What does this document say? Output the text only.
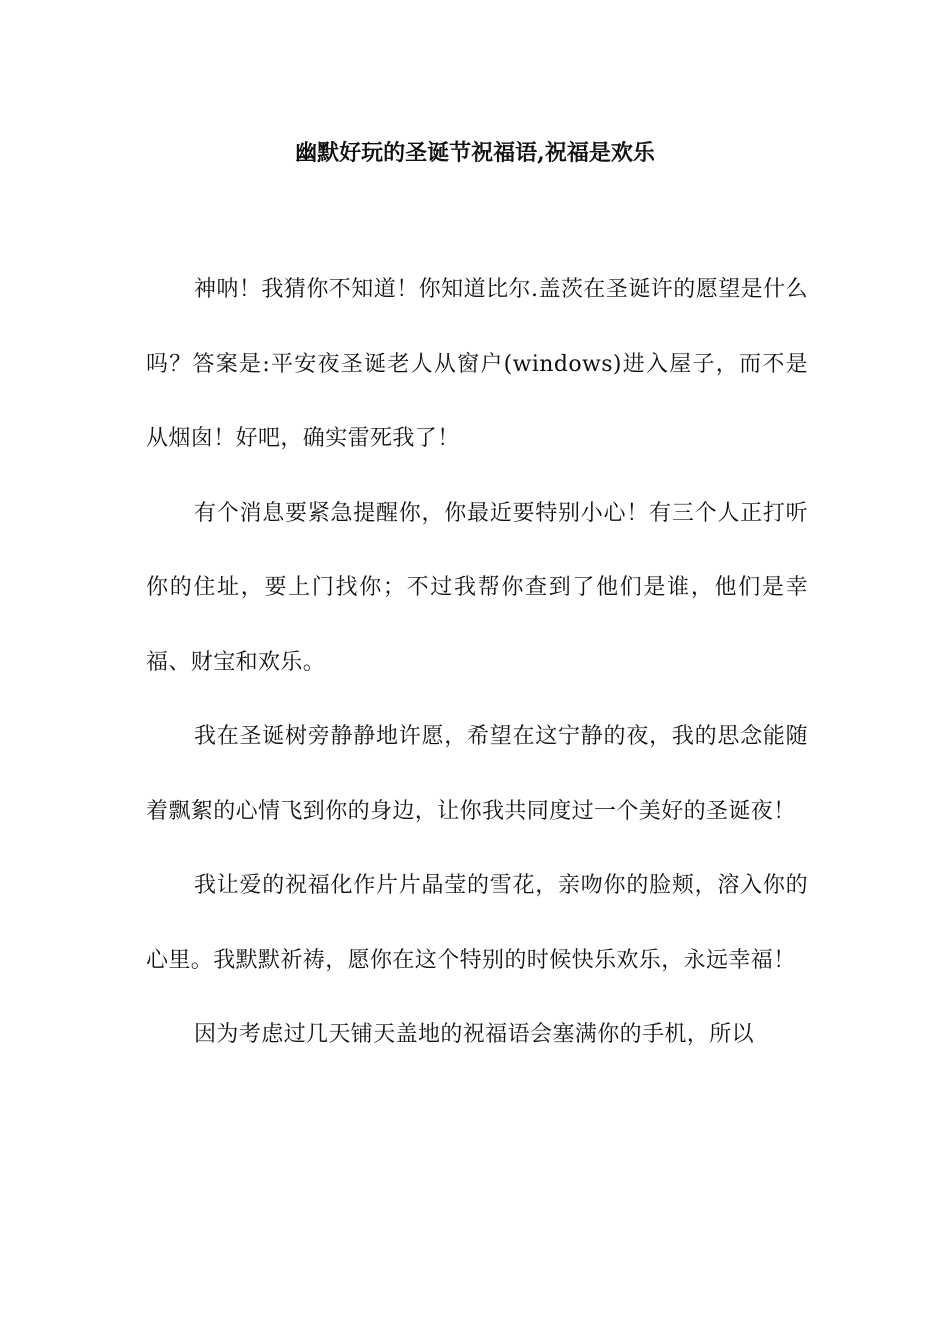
幽默好玩的圣诞节祝福语,祝福是欢乐

神呐！我猜你不知道！你知道比尔.盖茨在圣诞许的愿望是什么吗？答案是:平安夜圣诞老人从窗户(windows)进入屋子，而不是从烟囱！好吧，确实雷死我了！

有个消息要紧急提醒你，你最近要特别小心！有三个人正打听你的住址，要上门找你；不过我帮你查到了他们是谁，他们是幸福、财宝和欢乐。

我在圣诞树旁静静地许愿，希望在这宁静的夜，我的思念能随着飘絮的心情飞到你的身边，让你我共同度过一个美好的圣诞夜！

我让爱的祝福化作片片晶莹的雪花，亲吻你的脸颊，溶入你的心里。我默默祈祷，愿你在这个特别的时候快乐欢乐，永远幸福！

因为考虑过几天铺天盖地的祝福语会塞满你的手机，所以
